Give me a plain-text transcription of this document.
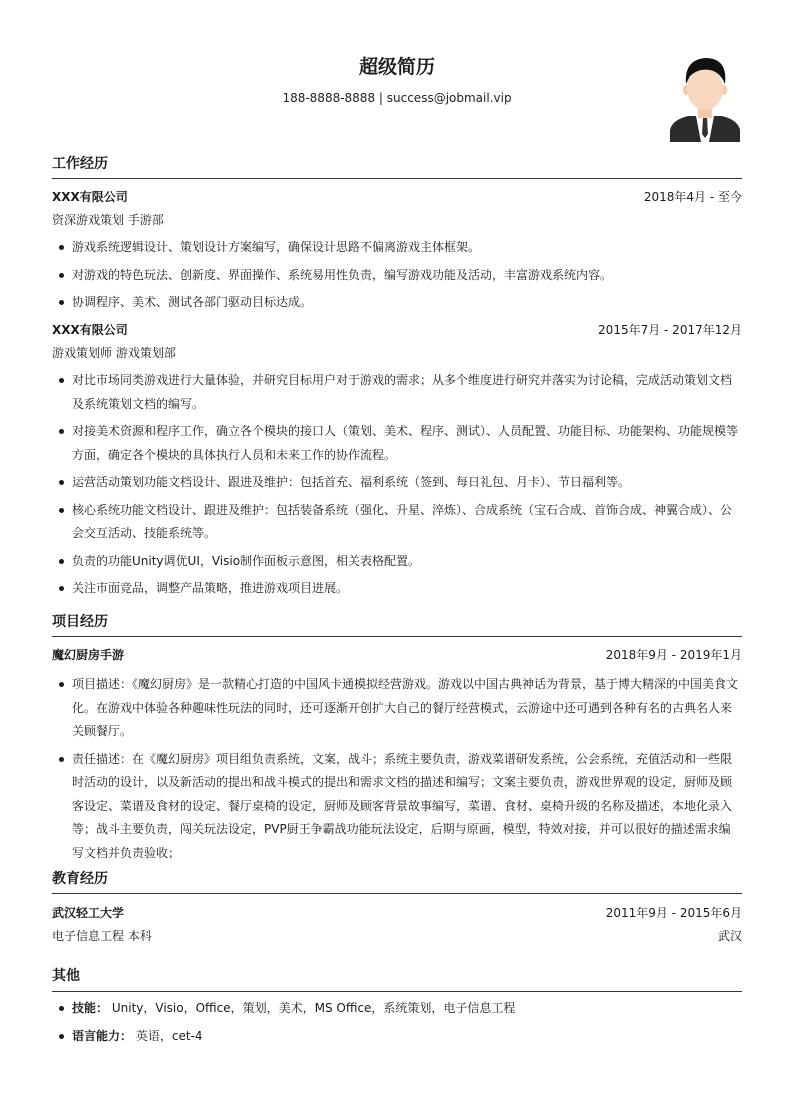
超级简历
188-8888-8888 | success@jobmail.vip
工作经历
XXX有限公司	2018年4月 - 至今
资深游戏策划 手游部
游戏系统逻辑设计、策划设计方案编写，确保设计思路不偏离游戏主体框架。
对游戏的特色玩法、创新度、界面操作、系统易用性负责，编写游戏功能及活动，丰富游戏系统内容。
协调程序、美术、测试各部门驱动目标达成。
XXX有限公司	2015年7月 - 2017年12月
游戏策划师 游戏策划部
对比市场同类游戏进行大量体验，并研究目标用户对于游戏的需求；从多个维度进行研究并落实为讨论稿，完成活动策划文档及系统策划文档的编写。
对接美术资源和程序工作，确立各个模块的接口人（策划、美术、程序、测试）、人员配置、功能目标、功能架构、功能规模等方面，确定各个模块的具体执行人员和未来工作的协作流程。
运营活动策划功能文档设计、跟进及维护：包括首充、福利系统（签到、每日礼包、月卡）、节日福利等。
核心系统功能文档设计、跟进及维护：包括装备系统（强化、升星、淬炼）、合成系统（宝石合成、首饰合成、神翼合成）、公会交互活动、技能系统等。
负责的功能Unity调优UI，Visio制作面板示意图，相关表格配置。
关注市面竞品，调整产品策略，推进游戏项目进展。
项目经历
魔幻厨房手游	2018年9月 - 2019年1月
项目描述：《魔幻厨房》是一款精心打造的中国风卡通模拟经营游戏。游戏以中国古典神话为背景，基于博大精深的中国美食文化。在游戏中体验各种趣味性玩法的同时，还可逐渐开创扩大自己的餐厅经营模式，云游途中还可遇到各种有名的古典名人来关顾餐厅。
责任描述：在《魔幻厨房》项目组负责系统，文案，战斗；系统主要负责，游戏菜谱研发系统，公会系统，充值活动和一些限时活动的设计，以及新活动的提出和战斗模式的提出和需求文档的描述和编写；文案主要负责，游戏世界观的设定，厨师及顾客设定、菜谱及食材的设定、餐厅桌椅的设定，厨师及顾客背景故事编写，菜谱、食材、桌椅升级的名称及描述，本地化录入等；战斗主要负责，闯关玩法设定，PVP厨王争霸战功能玩法设定，后期与原画，模型，特效对接，并可以很好的描述需求编写文档并负责验收；
教育经历
武汉轻工大学	2011年9月 - 2015年6月
电子信息工程 本科	武汉
其他
技能： Unity，Visio，Office，策划，美术，MS Office，系统策划，电子信息工程
语言能力： 英语，cet-4
